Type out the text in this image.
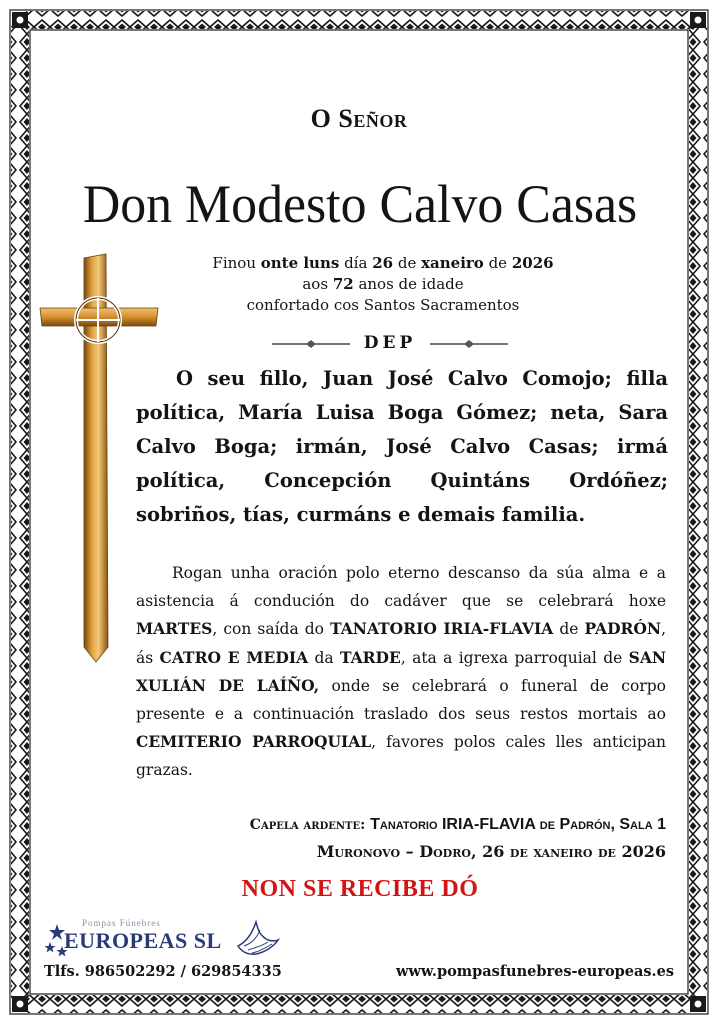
O Señor

Don Modesto Calvo Casas

Finou onte luns día 26 de xaneiro de 2026

aos 72 anos de idade

confortado cos Santos Sacramentos

DEP

O seu fillo, Juan José Calvo Comojo; filla política, María Luisa Boga Gómez; neta, Sara Calvo Boga; irmán, José Calvo Casas; irmá política, Concepción Quintáns Ordóñez; sobriños, tías, curmáns e demais familia.

Rogan unha oración polo eterno descanso da súa alma e a asistencia á condución do cadáver que se celebrará hoxe MARTES, con saída do TANATORIO IRIA-FLAVIA de PADRÓN, ás CATRO E MEDIA da TARDE, ata a igrexa parroquial de SAN XULIÁN DE LAÍÑO, onde se celebrará o funeral de corpo presente e a continuación traslado dos seus restos mortais ao CEMITERIO PARROQUIAL, favores polos cales lles anticipan grazas.

Capela ardente: Tanatorio IRIA-FLAVIA de Padrón, Sala 1

Muronovo – Dodro, 26 de xaneiro de 2026

NON SE RECIBE DÓ

Pompas Fúnebres
EUROPEAS SL

Tlfs. 986502292 / 629854335	www.pompasfunebres-europeas.es
